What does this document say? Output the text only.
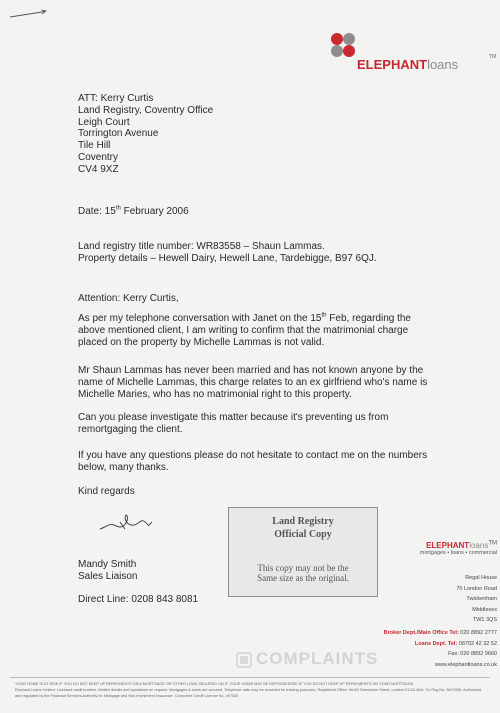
ELEPHANTloans	TM
ATT: Kerry Curtis
Land Registry, Coventry Office
Leigh Court
Torrington Avenue
Tile Hill
Coventry
CV4 9XZ
Date: 15th February 2006
Land registry title number: WR83558 – Shaun Lammas.
Property details – Hewell Dairy, Hewell Lane, Tardebigge, B97 6QJ.
Attention: Kerry Curtis,
As per my telephone conversation with Janet on the 15th Feb, regarding the above mentioned client, I am writing to confirm that the matrimonial charge placed on the property by Michelle Lammas is not valid.
Mr Shaun Lammas has never been married and has not known anyone by the name of Michelle Lammas, this charge relates to an ex girlfriend who's name is Michelle Maries, who has no matrimonial right to this property.
Can you please investigate this matter because it's preventing us from remortgaging the client.
If you have any questions please do not hesitate to contact me on the numbers below, many thanks.
Kind regards
Mandy Smith
Sales Liaison
Direct Line: 0208 843 8081
Land Registry
Official Copy
This copy may not be the
Same size as the original.
ELEPHANTloans™
mortgages • loans • commercial
Regal House
70 London Road
Twickenham
Middlesex
TW1 3QS
Broker Dept./Main Office Tel: 020 8892 2777
Loans Dept. Tel: 08702 42 32 52
Fax: 020 8892 9660
www.elephantloans.co.uk
YOUR HOME IS AT RISK IF YOU DO NOT KEEP UP REPAYMENTS ON A MORTGAGE OR OTHER LOAN SECURED ON IT. YOUR HOME MAY BE REPOSSESSED IF YOU DO NOT KEEP UP REPAYMENTS ON YOUR MORTGAGE.
Elephant Loans Limited. Licensed credit brokers. Written details and quotations on request. Mortgages & loans are secured. Telephone calls may be recorded for training purposes. Registered Office: 60-65 Tabernacle Street, London EC2A 4AN. Co Reg No: 3670335. Authorised and regulated by the Financial Services Authority for Mortgage and Non Investment Insurance. Consumer Credit Licence No. 497530.
COMPLAINTS
